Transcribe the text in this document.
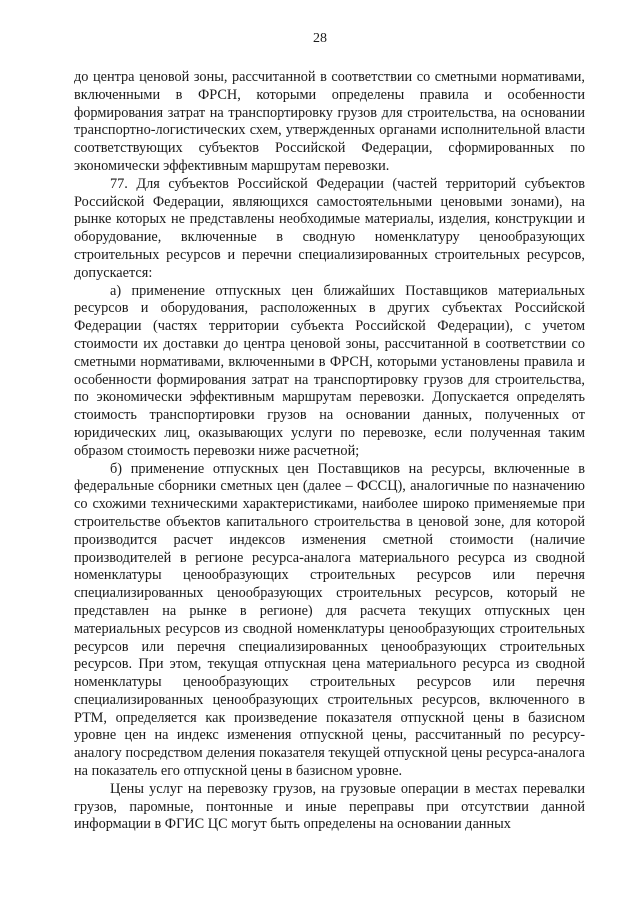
28

до центра ценовой зоны, рассчитанной в соответствии со сметными нормативами, включенными в ФРСН, которыми определены правила и особенности формирования затрат на транспортировку грузов для строительства, на основании транспортно-логистических схем, утвержденных органами исполнительной власти соответствующих субъектов Российской Федерации, сформированных по экономически эффективным маршрутам перевозки.

77. Для субъектов Российской Федерации (частей территорий субъектов Российской Федерации, являющихся самостоятельными ценовыми зонами), на рынке которых не представлены необходимые материалы, изделия, конструкции и оборудование, включенные в сводную номенклатуру ценообразующих строительных ресурсов и перечни специализированных строительных ресурсов, допускается:

а) применение отпускных цен ближайших Поставщиков материальных ресурсов и оборудования, расположенных в других субъектах Российской Федерации (частях территории субъекта Российской Федерации), с учетом стоимости их доставки до центра ценовой зоны, рассчитанной в соответствии со сметными нормативами, включенными в ФРСН, которыми установлены правила и особенности формирования затрат на транспортировку грузов для строительства, по экономически эффективным маршрутам перевозки. Допускается определять стоимость транспортировки грузов на основании данных, полученных от юридических лиц, оказывающих услуги по перевозке, если полученная таким образом стоимость перевозки ниже расчетной;

б) применение отпускных цен Поставщиков на ресурсы, включенные в федеральные сборники сметных цен (далее – ФССЦ), аналогичные по назначению со схожими техническими характеристиками, наиболее широко применяемые при строительстве объектов капитального строительства в ценовой зоне, для которой производится расчет индексов изменения сметной стоимости (наличие производителей в регионе ресурса-аналога материального ресурса из сводной номенклатуры ценообразующих строительных ресурсов или перечня специализированных ценообразующих строительных ресурсов, который не представлен на рынке в регионе) для расчета текущих отпускных цен материальных ресурсов из сводной номенклатуры ценообразующих строительных ресурсов или перечня специализированных ценообразующих строительных ресурсов. При этом, текущая отпускная цена материального ресурса из сводной номенклатуры ценообразующих строительных ресурсов или перечня специализированных ценообразующих строительных ресурсов, включенного в РТМ, определяется как произведение показателя отпускной цены в базисном уровне цен на индекс изменения отпускной цены, рассчитанный по ресурсу-аналогу посредством деления показателя текущей отпускной цены ресурса-аналога на показатель его отпускной цены в базисном уровне.

Цены услуг на перевозку грузов, на грузовые операции в местах перевалки грузов, паромные, понтонные и иные переправы при отсутствии данной информации в ФГИС ЦС могут быть определены на основании данных
